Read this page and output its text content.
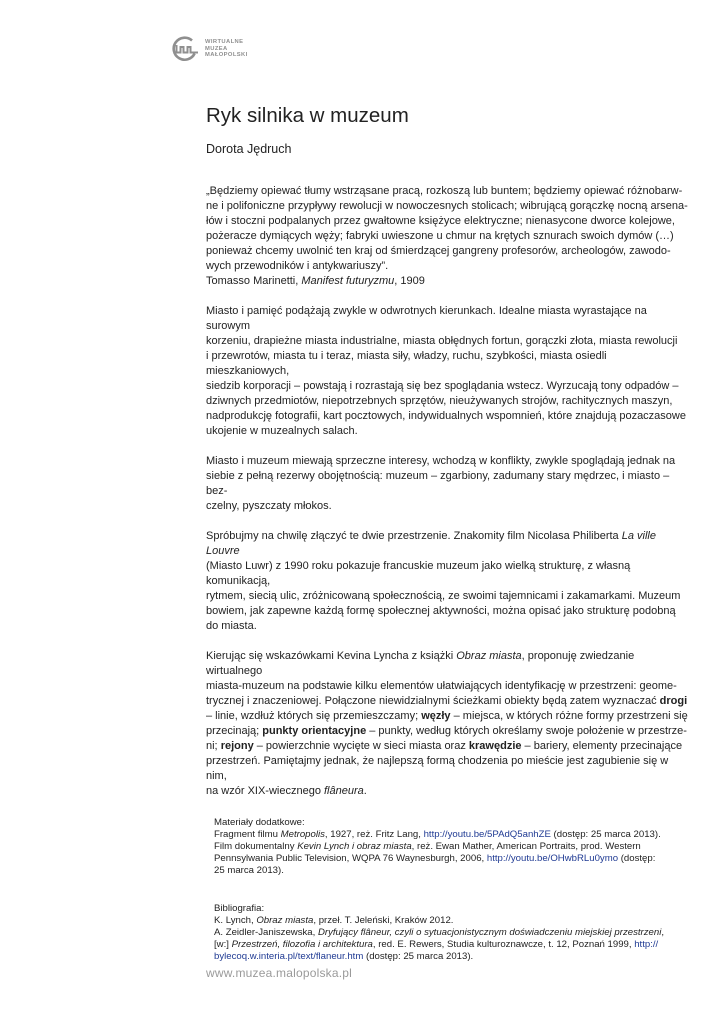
WIRTUALNE
MUZEA
MAŁOPOLSKI
Ryk silnika w muzeum
Dorota Jędruch
„Będziemy opiewać tłumy wstrząsane pracą, rozkoszą lub buntem; będziemy opiewać różnobarw-
ne i polifoniczne przypływy rewolucji w nowoczesnych stolicach; wibrującą gorączkę nocną arsena-
łów i stoczni podpalanych przez gwałtowne księżyce elektryczne; nienasycone dworce kolejowe,
pożeracze dymiących węży; fabryki uwieszone u chmur na krętych sznurach swoich dymów (…)
ponieważ chcemy uwolnić ten kraj od śmierdzącej gangreny profesorów, archeologów, zawodo-
wych przewodników i antykwariuszy”.
Tomasso Marinetti, Manifest futuryzmu, 1909
Miasto i pamięć podążają zwykle w odwrotnych kierunkach. Idealne miasta wyrastające na surowym
korzeniu, drapieżne miasta industrialne, miasta obłędnych fortun, gorączki złota, miasta rewolucji
i przewrotów, miasta tu i teraz, miasta siły, władzy, ruchu, szybkości, miasta osiedli mieszkaniowych,
siedzib korporacji – powstają i rozrastają się bez spoglądania wstecz. Wyrzucają tony odpadów –
dziwnych przedmiotów, niepotrzebnych sprzętów, nieużywanych strojów, rachitycznych maszyn,
nadprodukcję fotografii, kart pocztowych, indywidualnych wspomnień, które znajdują pozaczasowe
ukojenie w muzealnych salach.
Miasto i muzeum miewają sprzeczne interesy, wchodzą w konflikty, zwykle spoglądają jednak na
siebie z pełną rezerwy obojętnością: muzeum – zgarbiony, zadumany stary mędrzec, i miasto – bez-
czelny, pyszczaty młokos.
Spróbujmy na chwilę złączyć te dwie przestrzenie. Znakomity film Nicolasa Philiberta La ville Louvre
(Miasto Luwr) z 1990 roku pokazuje francuskie muzeum jako wielką strukturę, z własną komunikacją,
rytmem, siecią ulic, zróżnicowaną społecznością, ze swoimi tajemnicami i zakamarkami. Muzeum
bowiem, jak zapewne każdą formę społecznej aktywności, można opisać jako strukturę podobną
do miasta.
Kierując się wskazówkami Kevina Lyncha z książki Obraz miasta, proponuję zwiedzanie wirtualnego
miasta-muzeum na podstawie kilku elementów ułatwiających identyfikację w przestrzeni: geome-
trycznej i znaczeniowej. Połączone niewidzialnymi ścieżkami obiekty będą zatem wyznaczać drogi
– linie, wzdłuż których się przemieszczamy; węzły – miejsca, w których różne formy przestrzeni się
przecinają; punkty orientacyjne – punkty, według których określamy swoje położenie w przestrze-
ni; rejony – powierzchnie wycięte w sieci miasta oraz krawędzie – bariery, elementy przecinające
przestrzeń. Pamiętajmy jednak, że najlepszą formą chodzenia po mieście jest zagubienie się w nim,
na wzór XIX-wiecznego flâneura.

Materiały dodatkowe:

Fragment filmu Metropolis, 1927, reż. Fritz Lang, http://youtu.be/5PAdQ5anhZE (dostęp: 25 marca 2013).

Film dokumentalny Kevin Lynch i obraz miasta, reż. Ewan Mather, American Portraits, prod. Western
Pennsylwania Public Television, WQPA 76 Waynesburgh, 2006, http://youtu.be/OHwbRLu0ymo (dostęp:
25 marca 2013).

Bibliografia:

K. Lynch, Obraz miasta, przeł. T. Jeleński, Kraków 2012.

A. Zeidler-Janiszewska, Dryfujący flâneur, czyli o sytuacjonistycznym doświadczeniu miejskiej przestrzeni,
[w:] Przestrzeń, filozofia i architektura, red. E. Rewers, Studia kulturoznawcze, t. 12, Poznań 1999, http://
bylecoq.w.interia.pl/text/flaneur.htm (dostęp: 25 marca 2013).

www.muzea.malopolska.pl
